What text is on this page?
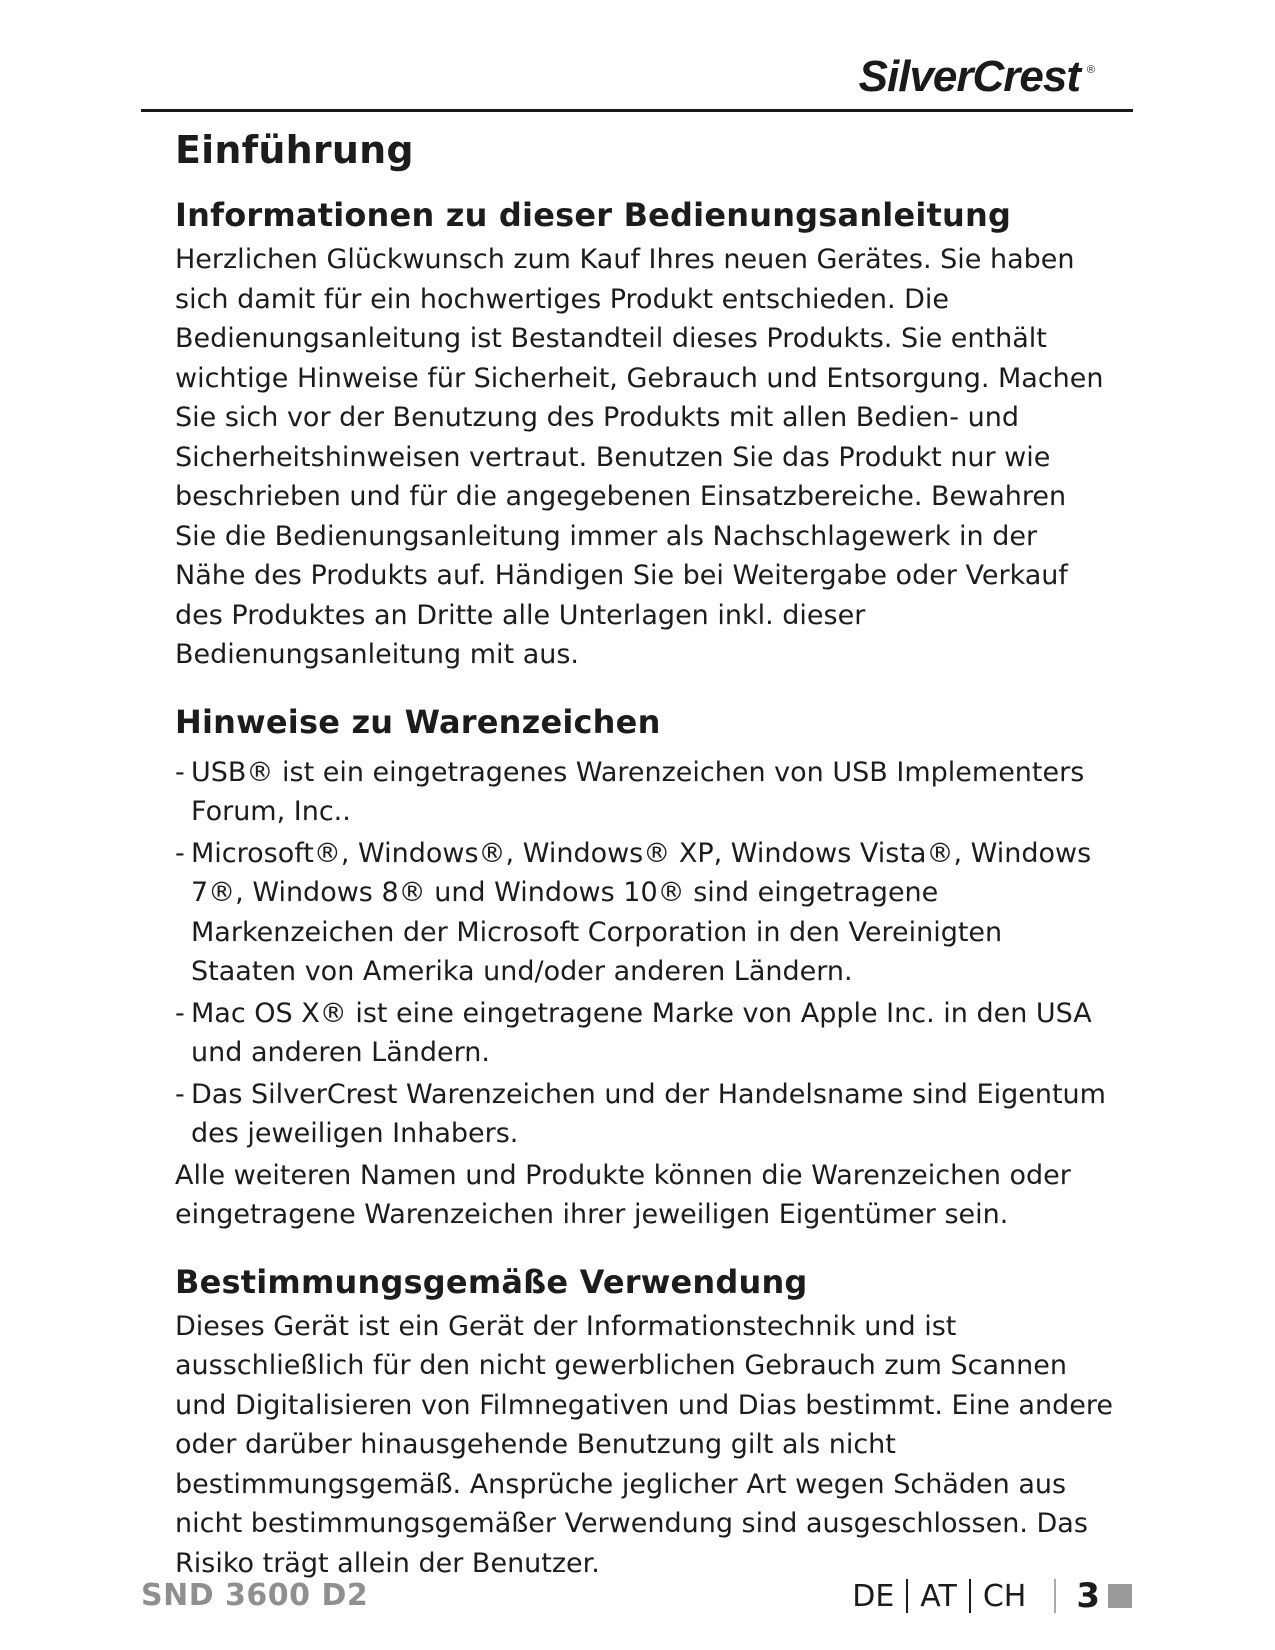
SilverCrest ®
Einführung
Informationen zu dieser Bedienungsanleitung

Herzlichen Glückwunsch zum Kauf Ihres neuen Gerätes. Sie haben sich damit für ein hochwertiges Produkt entschieden. Die Bedienungsanleitung ist Bestandteil dieses Produkts. Sie enthält wichtige Hinweise für Sicherheit, Gebrauch und Entsorgung. Machen Sie sich vor der Benutzung des Produkts mit allen Bedien- und Sicherheitshinweisen vertraut. Benutzen Sie das Produkt nur wie beschrieben und für die angegebenen Einsatzbereiche. Bewahren Sie die Bedienungsanleitung immer als Nachschlagewerk in der Nähe des Produkts auf. Händigen Sie bei Weitergabe oder Verkauf des Produktes an Dritte alle Unterlagen inkl. dieser Bedienungsanleitung mit aus.

Hinweise zu Warenzeichen
- USB® ist ein eingetragenes Warenzeichen von USB Implementers Forum, Inc..
- Microsoft®, Windows®, Windows® XP, Windows Vista®, Windows 7®, Windows 8® und Windows 10® sind eingetragene Markenzeichen der Microsoft Corporation in den Vereinigten Staaten von Amerika und/oder anderen Ländern.
- Mac OS X® ist eine eingetragene Marke von Apple Inc. in den USA und anderen Ländern.
- Das SilverCrest Warenzeichen und der Handelsname sind Eigentum des jeweiligen Inhabers.

Alle weiteren Namen und Produkte können die Warenzeichen oder eingetragene Warenzeichen ihrer jeweiligen Eigentümer sein.

Bestimmungsgemäße Verwendung

Dieses Gerät ist ein Gerät der Informationstechnik und ist ausschließlich für den nicht gewerblichen Gebrauch zum Scannen und Digitalisieren von Filmnegativen und Dias bestimmt. Eine andere oder darüber hinausgehende Benutzung gilt als nicht bestimmungsgemäß. Ansprüche jeglicher Art wegen Schäden aus nicht bestimmungsgemäßer Verwendung sind ausgeschlossen. Das Risiko trägt allein der Benutzer.

SND 3600 D2	DE AT CH 3
